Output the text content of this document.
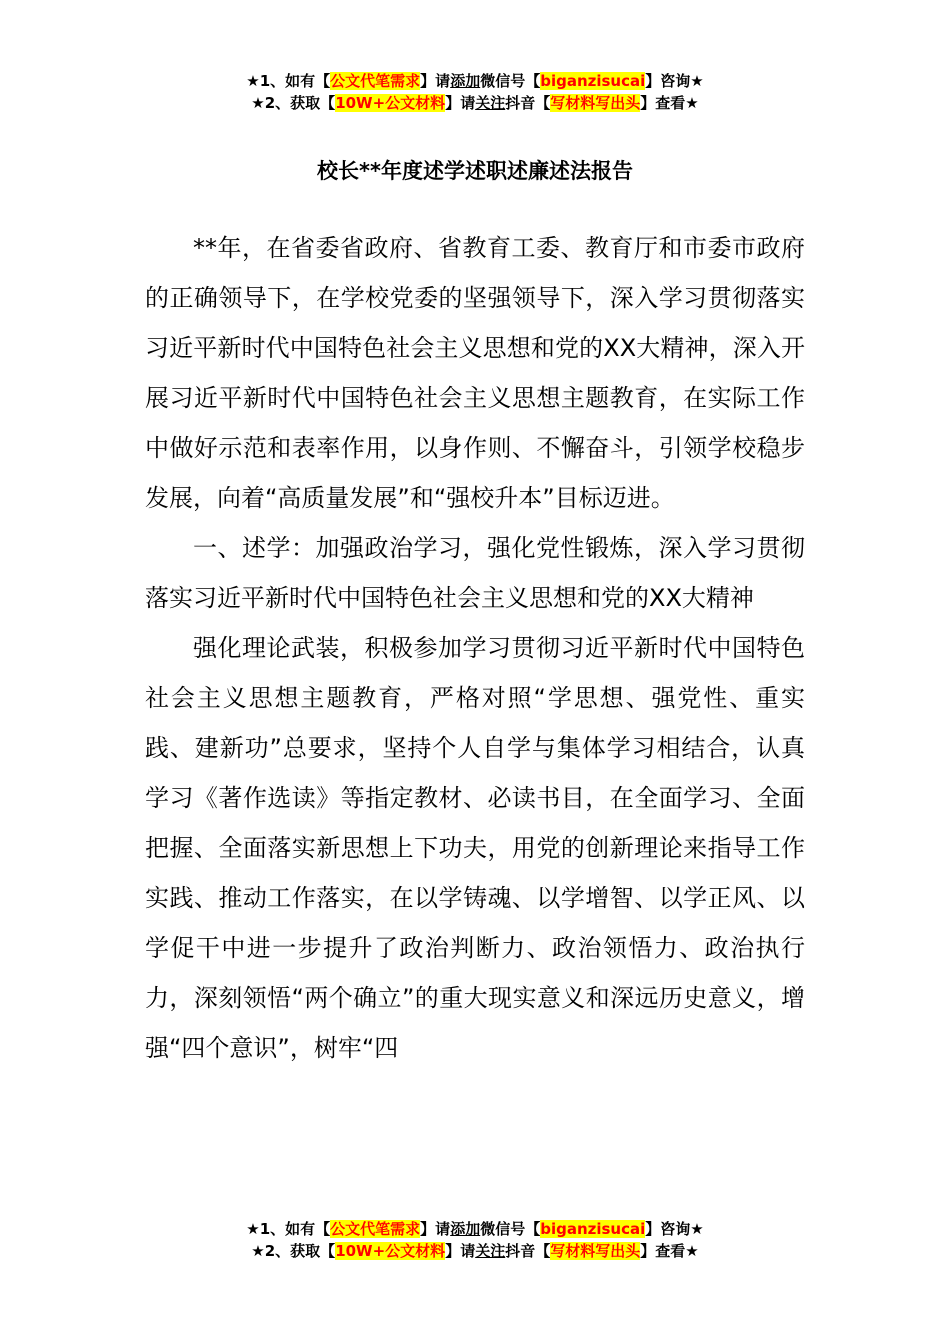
★1、如有【公文代笔需求】请添加微信号【biganzisucai】咨询★
★2、获取【10W+公文材料】请关注抖音【写材料写出头】查看★
校长**年度述学述职述廉述法报告

**年，在省委省政府、省教育工委、教育厅和市委市政府的正确领导下，在学校党委的坚强领导下，深入学习贯彻落实习近平新时代中国特色社会主义思想和党的XX大精神，深入开展习近平新时代中国特色社会主义思想主题教育，在实际工作中做好示范和表率作用，以身作则、不懈奋斗，引领学校稳步发展，向着“高质量发展”和“强校升本”目标迈进。

一、述学：加强政治学习，强化党性锻炼，深入学习贯彻落实习近平新时代中国特色社会主义思想和党的XX大精神

强化理论武装，积极参加学习贯彻习近平新时代中国特色社会主义思想主题教育，严格对照“学思想、强党性、重实践、建新功”总要求，坚持个人自学与集体学习相结合，认真学习《著作选读》等指定教材、必读书目，在全面学习、全面把握、全面落实新思想上下功夫，用党的创新理论来指导工作实践、推动工作落实，在以学铸魂、以学增智、以学正风、以学促干中进一步提升了政治判断力、政治领悟力、政治执行力，深刻领悟“两个确立”的重大现实意义和深远历史意义，增强“四个意识”，树牢“四

★1、如有【公文代笔需求】请添加微信号【biganzisucai】咨询★
★2、获取【10W+公文材料】请关注抖音【写材料写出头】查看★
